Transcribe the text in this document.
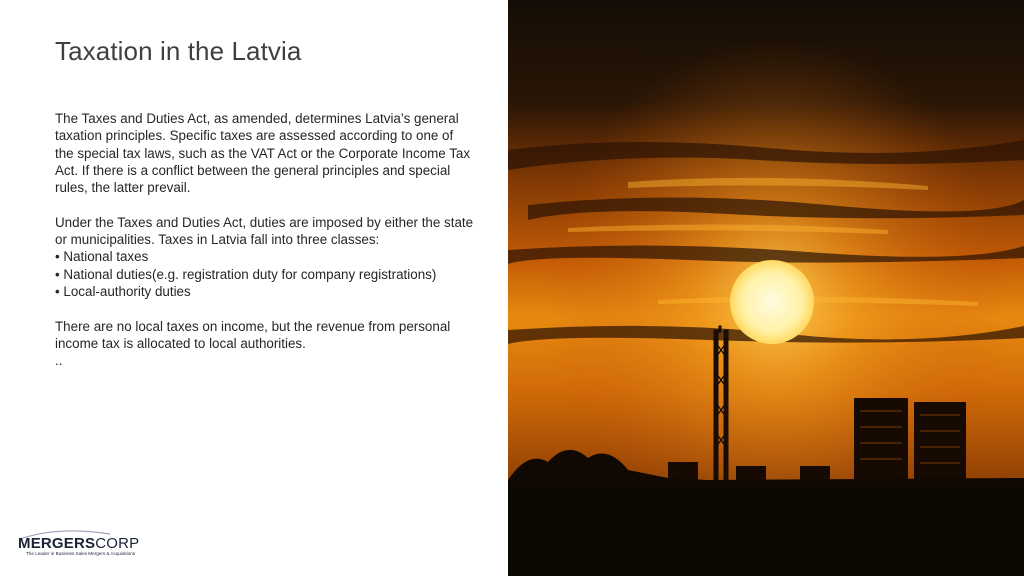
Taxation in the Latvia

The Taxes and Duties Act, as amended, determines Latvia’s general taxation principles. Specific taxes are assessed according to one of the special tax laws, such as the VAT Act or the Corporate Income Tax Act. If there is a conflict between the general principles and special rules, the latter prevail.

Under the Taxes and Duties Act, duties are imposed by either the state or municipalities. Taxes in Latvia fall into three classes:

• National taxes

• National duties(e.g. registration duty for company registrations)

• Local-authority duties

There are no local taxes on income, but the revenue from personal income tax is allocated to local authorities.

..

MERGERSCORP
The Leader in Business Sales Mergers & Acquisitions
